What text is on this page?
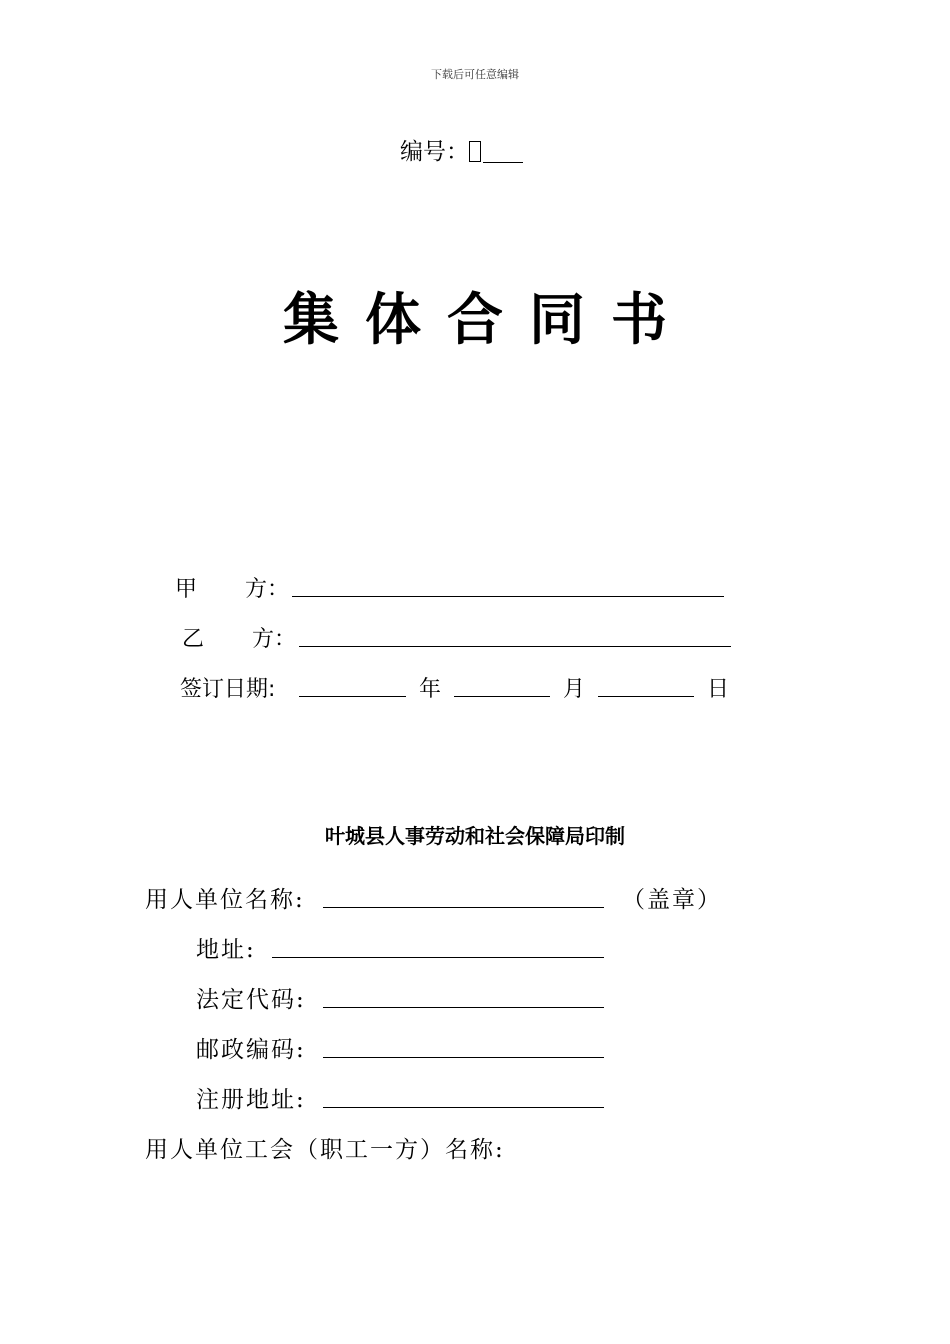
下载后可任意编辑
编号：
集体合同书
甲 方：
乙 方：
签订日期:	年	月	日
叶城县人事劳动和社会保障局印制
用人单位名称:	（盖章）
地址:
法定代码:
邮政编码:
注册地址:
用人单位工会（职工一方）名称:
